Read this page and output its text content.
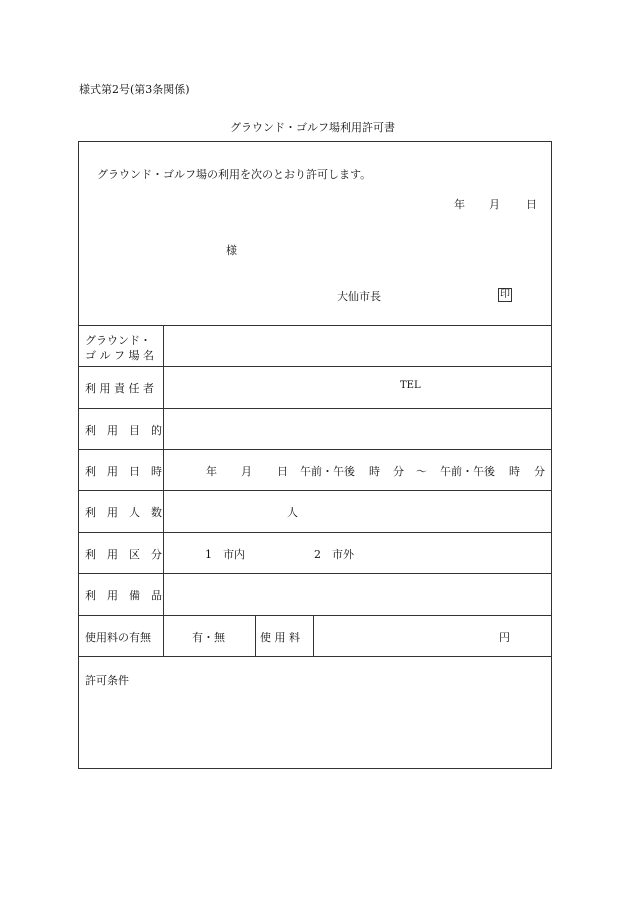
様式第2号(第3条関係)
グラウンド・ゴルフ場利用許可書
グラウンド・ゴルフ場の利用を次のとおり許可します。
年 月 日
様
大仙市長	印
グラウンド・
ゴ ル フ 場 名
利 用 責 任 者	TEL
利　用　目　的
利　用　日　時	年 月 日 午前・午後 時 分 ～ 午前・午後 時 分
利　用　人　数	人
利　用　区　分	1　市内	2　市外
利　用　備　品
使用料の有無	有・無	使 用 料	円
許可条件
